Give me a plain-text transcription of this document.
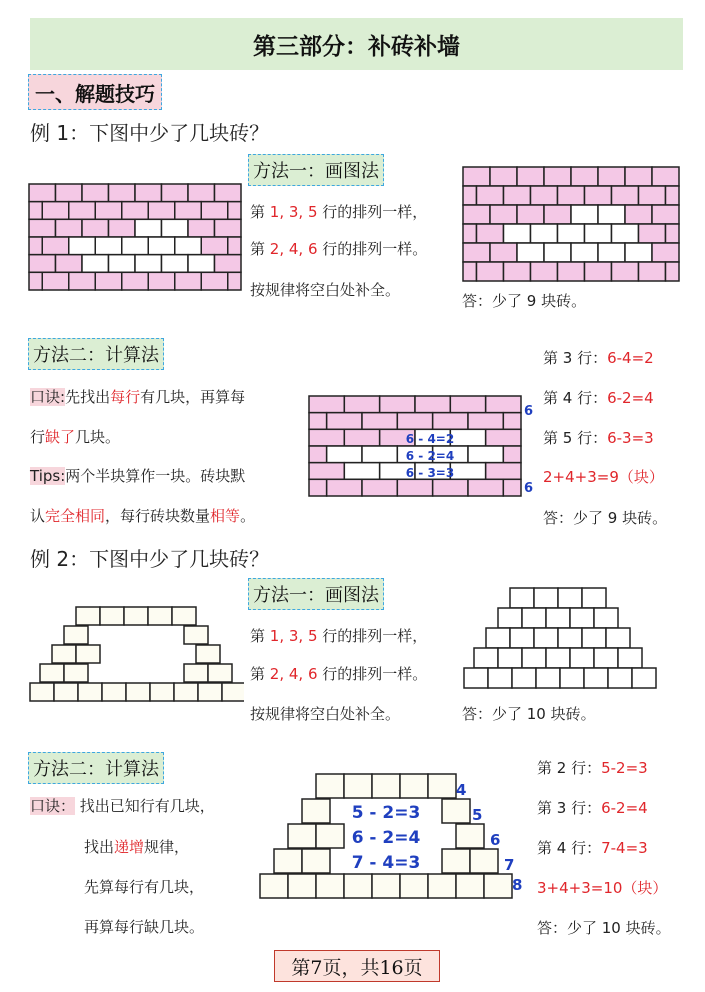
第三部分：补砖补墙
一、解题技巧
例 1：下图中少了几块砖？
方法一：画图法
第 1, 3, 5 行的排列一样，
第 2, 4, 6 行的排列一样。
按规律将空白处补全。
答：少了 9 块砖。
方法二：计算法
口诀:先找出每行有几块，再算每
行缺了几块。
Tips:两个半块算作一块。砖块默
认完全相同，每行砖块数量相等。
6 - 4=2
6 - 2=4
6 - 3=3
6
6
第 3 行：6-4=2
第 4 行：6-2=4
第 5 行：6-3=3
2+4+3=9（块）
答：少了 9 块砖。
例 2：下图中少了几块砖？
方法一：画图法
第 1, 3, 5 行的排列一样，
第 2, 4, 6 行的排列一样。
按规律将空白处补全。	答：少了 10 块砖。
方法二：计算法
口诀： 找出已知行有几块，
找出递增规律，
先算每行有几块，
再算每行缺几块。
5 - 2=3
6 - 2=4
7 - 4=3
4
5
6
7
8
第 2 行：5-2=3
第 3 行：6-2=4
第 4 行：7-4=3
3+4+3=10（块）
答：少了 10 块砖。
第7页，共16页
